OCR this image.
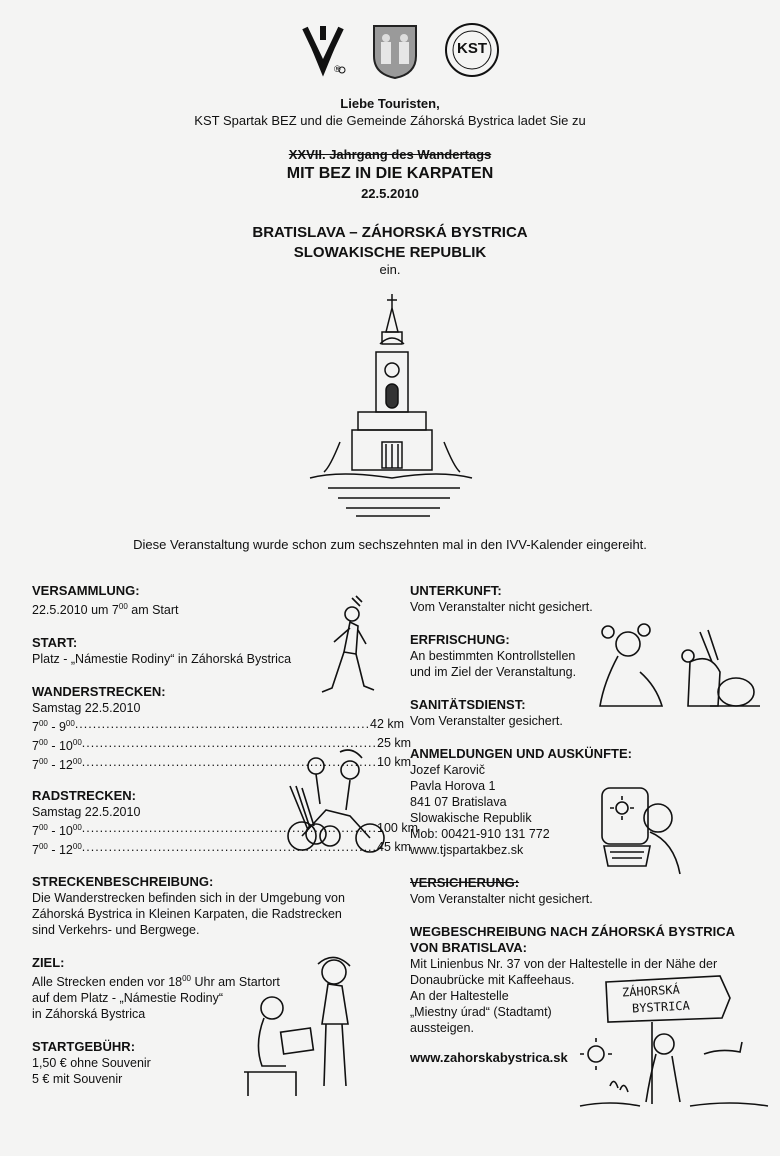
®
KST
Liebe Touristen,
KST Spartak BEZ und die Gemeinde Záhorská Bystrica ladet Sie zu
XXVII. Jahrgang des Wandertags
MIT BEZ IN DIE KARPATEN
22.5.2010
BRATISLAVA – ZÁHORSKÁ BYSTRICA
SLOWAKISCHE REPUBLIK
ein.
Diese Veranstaltung wurde schon zum sechszehnten mal in den IVV-Kalender eingereiht.
VERSAMMLUNG:
22.5.2010 um $7^{00}$ am Start
START:
Platz - „Námestie Rodiny“ in Záhorská Bystrica
WANDERSTRECKEN:
Samstag 22.5.2010
$7^{00} - 9^{00}$ .................................................................. 42 km
$7^{00} - 10^{00}$ .................................................................. 25 km
$7^{00} - 12^{00}$ .................................................................. 10 km
RADSTRECKEN:
Samstag 22.5.2010
$7^{00} - 10^{00}$ .................................................................. 100 km
$7^{00} - 12^{00}$ .................................................................. 45 km
STRECKENBESCHREIBUNG:
Die Wanderstrecken befinden sich in der Umgebung von
Záhorská Bystrica in Kleinen Karpaten, die Radstrecken
sind Verkehrs- und Bergwege.
ZIEL:
Alle Strecken enden vor $18^{00}$ Uhr am Startort
auf dem Platz - „Námestie Rodiny“
in Záhorská Bystrica
STARTGEBÜHR:
1,50 € ohne Souvenir
5 € mit Souvenir
UNTERKUNFT:
Vom Veranstalter nicht gesichert.
ERFRISCHUNG:
An bestimmten Kontrollstellen
und im Ziel der Veranstaltung.
SANITÄTSDIENST:
Vom Veranstalter gesichert.
ANMELDUNGEN UND AUSKÜNFTE:
Jozef Karovič
Pavla Horova 1
841 07 Bratislava
Slowakische Republik
Mob: 00421-910 131 772
www.tjspartakbez.sk
VERSICHERUNG:
Vom Veranstalter nicht gesichert.
WEGBESCHREIBUNG NACH ZÁHORSKÁ BYSTRICA
VON BRATISLAVA:
Mit Linienbus Nr. 37 von der Haltestelle in der Nähe der
Donaubrücke mit Kaffeehaus.
An der Haltestelle
„Miestny úrad“ (Stadtamt)
aussteigen.
www.zahorskabystrica.sk
ZÁHORSKÁ
BYSTRICA
